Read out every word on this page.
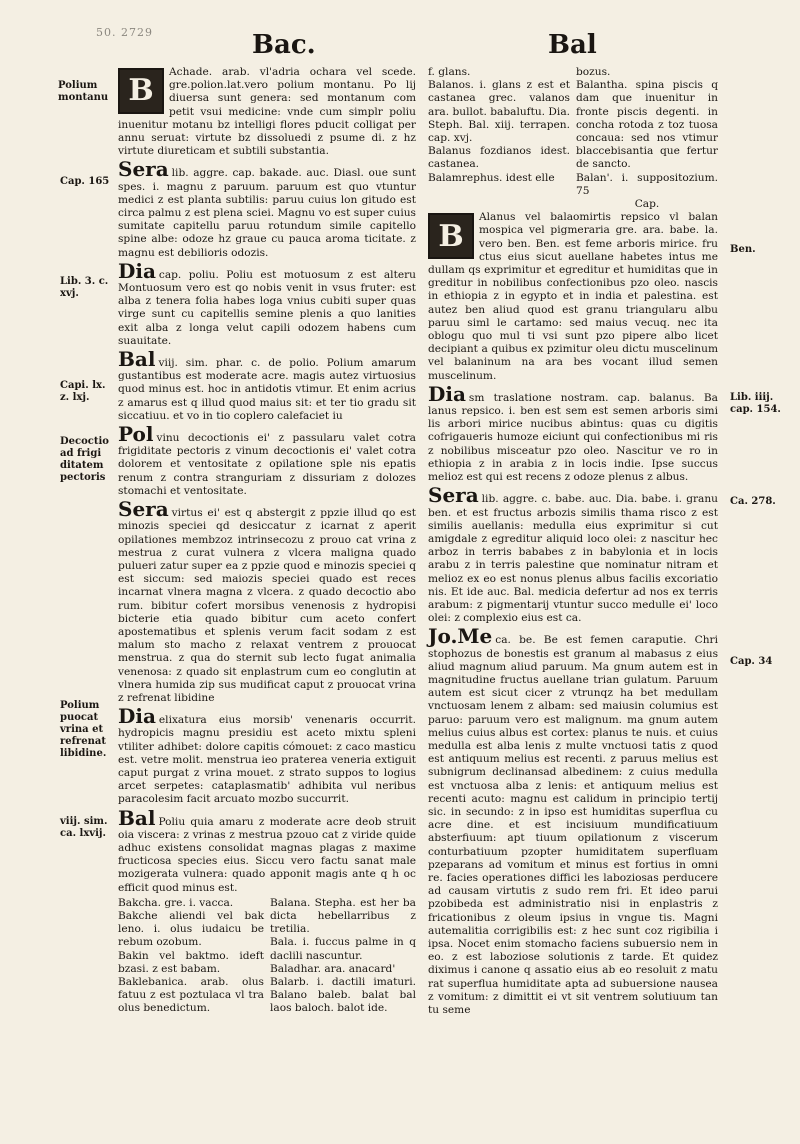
50. 2729	Bac.	Bal
Polium montanu
Cap. 165
Lib. 3. c. xvj.
Capi. lx. z. lxj.
Decoctio ad frigi ditatem pectoris
Polium puocat vrina et refrenat libidine.
viij. sim. ca. lxvij.
Ben.
Lib. iiij. cap. 154.
Ca. 278.
Cap. 34

B
Achade. arab. vl'adria ochara vel scede. gre.polion.lat.vero polium montanu. Po lij diuersa sunt genera: sed montanum com petit vsui medicine: vnde cum simplr poliu inuenitur motanu bz intelligi flores pducit colligat per annu seruat: virtute bz dissoluedi z psume di. z hz virtute diureticam et subtili substantia.

Sera lib. aggre. cap. bakade. auc. Diasl. oue sunt spes. i. magnu z paruum. paruum est quo vtuntur medici z est planta subtilis: paruu cuius lon gitudo est circa palmu z est plena sciei. Magnu vo est super cuius sumitate capitellu paruu rotundum simile capitello spine albe: odoze hz graue cu pauca aroma ticitate. z magnu est debilioris odozis.

Dia cap. poliu. Poliu est motuosum z est alteru Montuosum vero est qo nobis venit in vsus fruter: est alba z tenera folia habes loga vnius cubiti super quas virge sunt cu capitellis semine plenis a quo lanities exit alba z longa velut capili odozem habens cum suauitate.

Bal viij. sim. phar. c. de polio. Polium amarum gustantibus est moderate acre. magis autez virtuosius quod minus est. hoc in antidotis vtimur. Et enim acrius z amarus est q illud quod maius sit: et ter tio gradu sit siccatiuu. et vo in tio coplero calefaciet iu

Pol vinu decoctionis ei' z passularu valet cotra frigiditate pectoris z vinum decoctionis ei' valet cotra dolorem et ventositate z opilatione sple nis epatis renum z contra stranguriam z dissuriam z dolozes stomachi et ventositate.

Sera virtus ei' est q abstergit z ppzie illud qo est minozis speciei qd desiccatur z icarnat z aperit opilationes membzoz intrinsecozu z prouo cat vrina z mestrua z curat vulnera z vlcera maligna quado pulueri zatur super ea z ppzie quod e minozis speciei q est siccum: sed maiozis speciei quado est reces incarnat vlnera magna z vlcera. z quado decoctio abo rum. bibitur cofert morsibus venenosis z hydropisi bicterie etia quado bibitur cum aceto confert apostematibus et splenis verum facit sodam z est malum sto macho z relaxat ventrem z prouocat menstrua. z qua do sternit sub lecto fugat animalia venenosa: z quado sit enplastrum cum eo conglutin at vlnera humida zip sus mudificat caput z prouocat vrina z refrenat libidine

Dia elixatura eius morsib' venenaris occurrit. hydropicis magnu presidiu est aceto mixtu spleni vtiliter adhibet: dolore capitis cómouet: z caco masticu est. vetre molit. menstrua ieo praterea veneria extiguit caput purgat z vrina mouet. z strato suppos to logius arcet serpetes: cataplasmatib' adhibita vul neribus paracolesim facit arcuato mozbo succurrit.

Bal Poliu quia amaru z moderate acre deob struit oia viscera: z vrinas z mestrua pzouo cat z viride quide adhuc existens consolidat magnas plagas z maxime fructicosa species eius. Siccu vero factu sanat male mozigerata vulnera: quado apponit magis ante q h oc efficit quod minus est.

Bakcha. gre. i. vacca.

Bakche aliendi vel bak leno. i. olus iudaicu be rebum ozobum.

Bakin vel baktmo. ideft bzasi. z est babam.

Baklebanica. arab. olus fatuu z est poztulaca vl tra olus benedictum.

Balana. Stepha. est her ba dicta hebellarribus z tretilia.

Bala. i. fuccus palme in q daclili nascuntur.

Baladhar. ara. anacard'

Balarb. i. dactili imaturi. Balano baleb. balat bal laos baloch. balot ide.

f. glans.

Balanos. i. glans z est et castanea grec. valanos ara. bullot. babaluftu. Dia. Steph. Bal. xiij. terrapen. cap. xvj.

Balanus fozdianos idest. castanea.

Balamrephus. idest elle

bozus.

Balantha. spina piscis q dam que inuenitur in fronte piscis degenti. in concha rotoda z toz tuosa concaua: sed nos vtimur blaccebisantia que fertur de sancto.

Balan'. i. suppositozium. 75

Cap.

B
Alanus vel balaomirtis repsico vl balan mospica vel pigmeraria gre. ara. babe. la. vero ben. Ben. est feme arboris mirice. fru ctus eius sicut auellane habetes intus me dullam qs exprimitur et egreditur et humiditas que in greditur in nobilibus confectionibus pzo oleo. nascis in ethiopia z in egypto et in india et palestina. est autez ben aliud quod est granu triangularu albu paruu siml le cartamo: sed maius vecuq. nec ita oblogu quo mul ti vsi sunt pzo pipere albo licet decipiant a quibus ex pzimitur oleu dictu muscelinum vel balaninum na ara bes vocant illud semen muscelinum.

Dia sm traslatione nostram. cap. balanus. Ba lanus repsico. i. ben est sem est semen arboris simi lis arbori mirice nucibus abintus: quas cu digitis cofrigaueris humoze eiciunt qui confectionibus mi ris z nobilibus misceatur pzo oleo. Nascitur ve ro in ethiopia z in arabia z in locis indie. Ipse succus melioz est qui est recens z odoze plenus z albus.

Sera lib. aggre. c. babe. auc. Dia. babe. i. granu ben. et est fructus arbozis similis thama risco z est similis auellanis: medulla eius exprimitur si cut amigdale z egreditur aliquid loco olei: z nascitur hec arboz in terris bababes z in babylonia et in locis arabu z in terris palestine que nominatur nitram et melioz ex eo est nonus plenus albus facilis excoriatio nis. Et ide auc. Bal. medicia defertur ad nos ex terris arabum: z pigmentarij vtuntur succo medulle ei' loco olei: z complexio eius est ca.

Jo.Me ca. be. Be est femen caraputie. Chri stophozus de bonestis est granum al mabasus z eius aliud magnum aliud paruum. Ma gnum autem est in magnitudine fructus auellane trian gulatum. Paruum autem est sicut cicer z vtrunqz ha bet medullam vnctuosam lenem z albam: sed maiusin columius est paruo: paruum vero est malignum. ma gnum autem melius cuius albus est cortex: planus te nuis. et cuius medulla est alba lenis z multe vnctuosi tatis z quod est antiquum melius est recenti. z paruus melius est subnigrum declinansad albedinem: z cuius medulla est vnctuosa alba z lenis: et antiquum melius est recenti acuto: magnu est calidum in principio tertij sic. in secundo: z in ipso est humiditas superflua cu acre dine. et est incisiuum mundificatiuum absterfiuum: apt tiuum opilationum z viscerum conturbatiuum pzopter humiditatem superfluam pzeparans ad vomitum et minus est fortius in omni re. facies operationes diffici les laboziosas perducere ad causam virtutis z sudo rem fri. Et ideo parui pzobibeda est administratio nisi in enplastris z fricationibus z oleum ipsius in vngue tis. Magni autemalitia corrigibilis est: z hec sunt coz rigibilia i ipsa. Nocet enim stomacho faciens subuersio nem in eo. z est laboziose solutionis z tarde. Et quidez diximus i canone q assatio eius ab eo resoluit z matu rat superflua humiditate apta ad subuersione nausea z vomitum: z dimittit ei vt sit ventrem solutiuum tan tu seme
